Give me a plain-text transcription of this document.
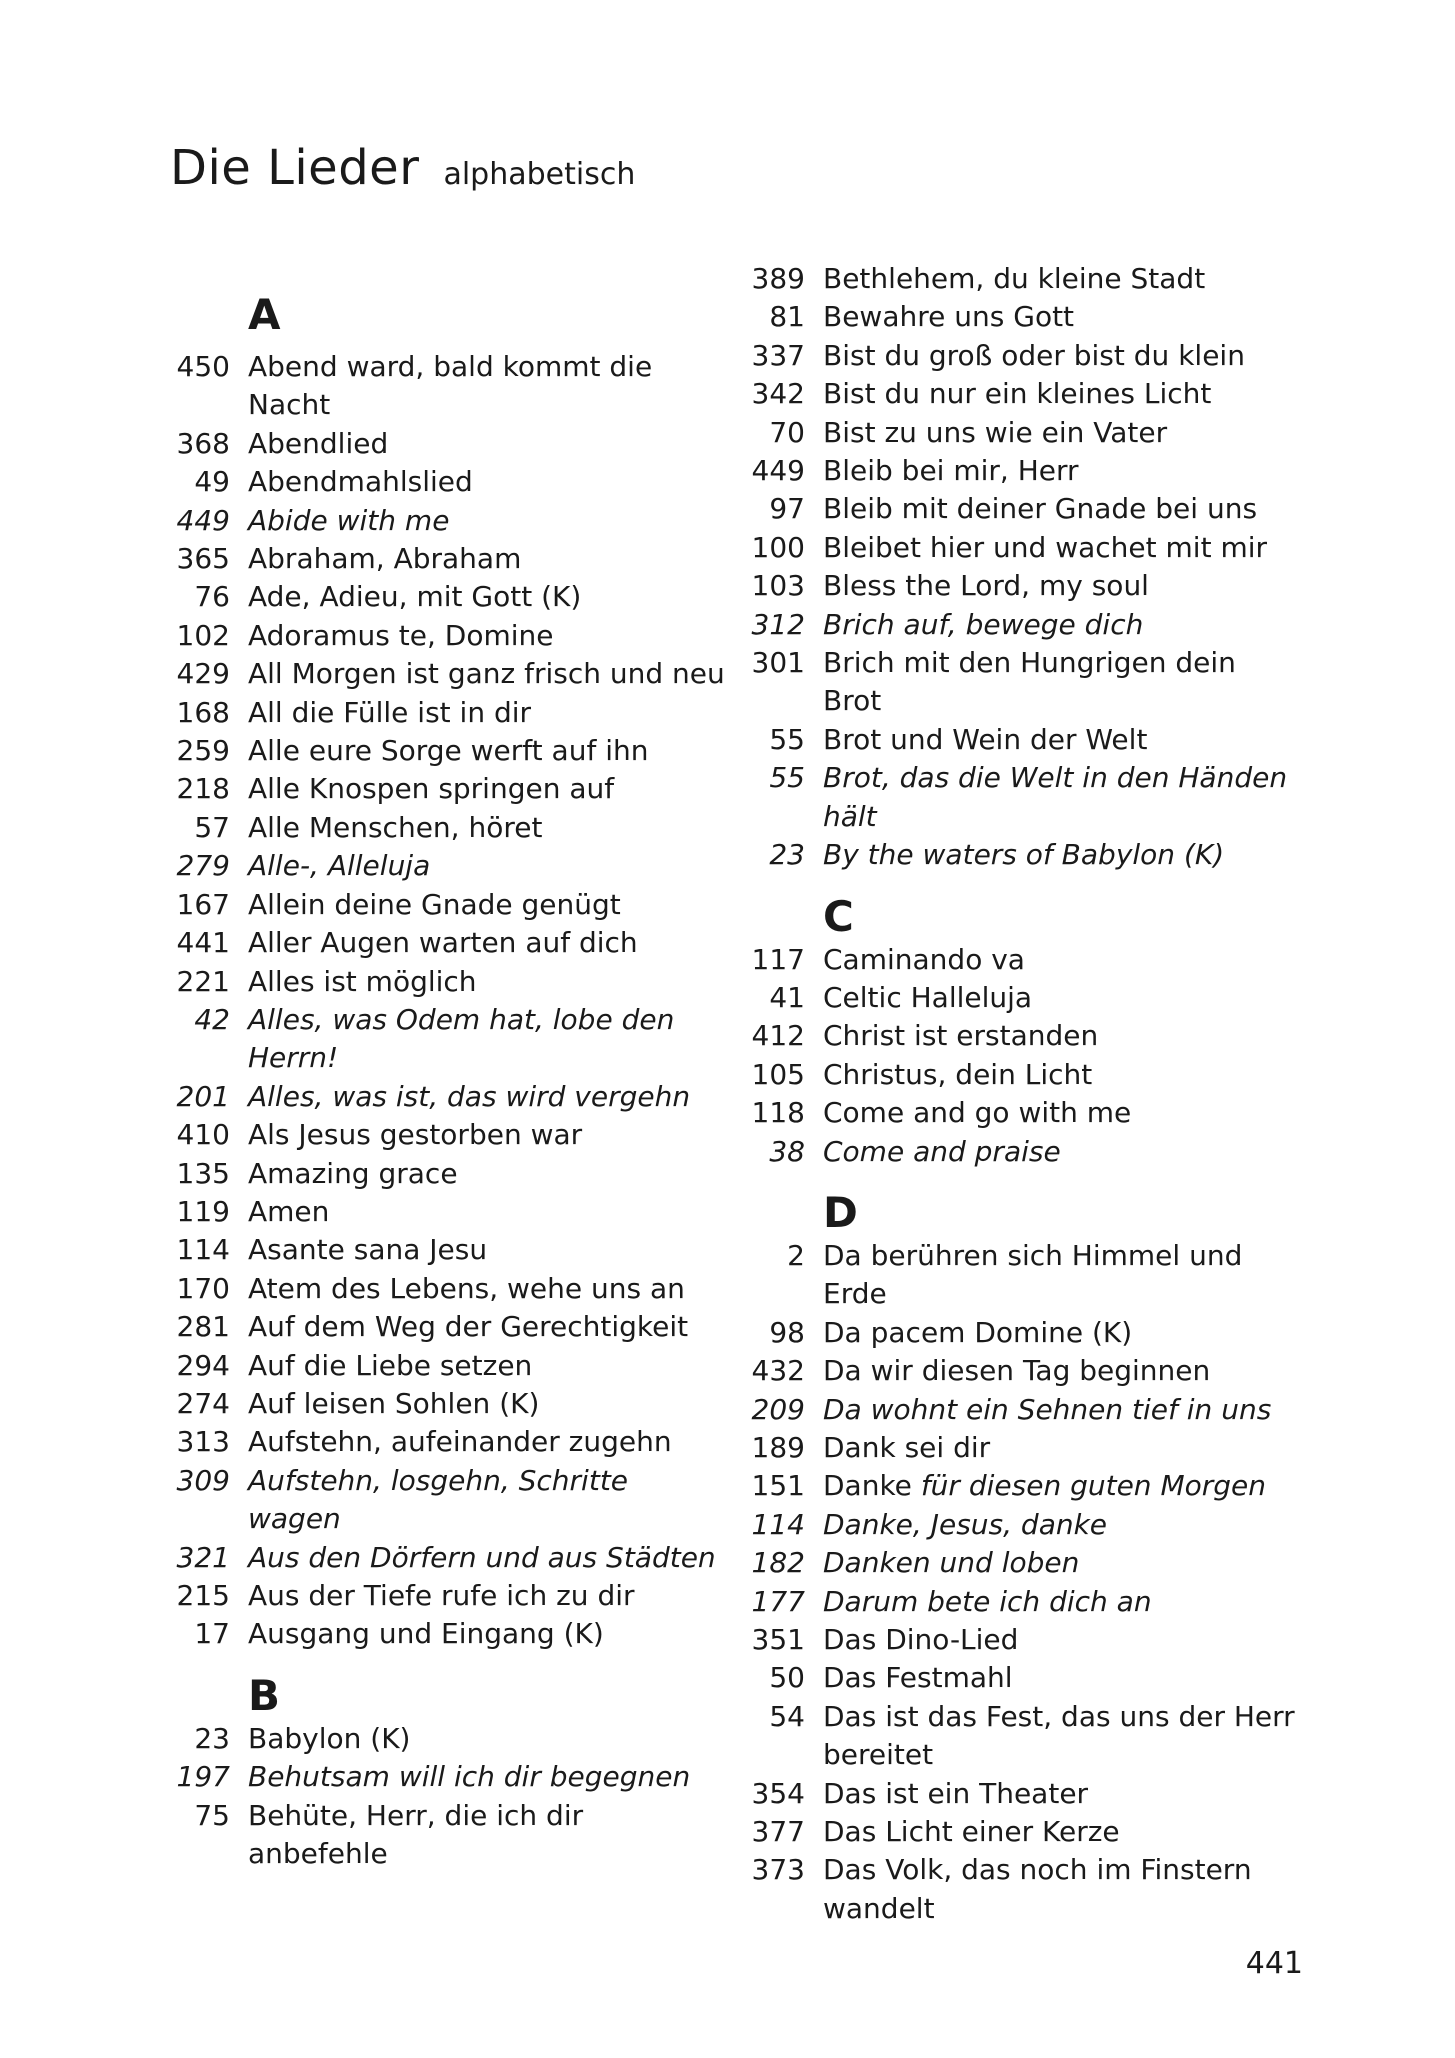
Die Lieder alphabetisch
A
450 Abend ward, bald kommt die Nacht
368 Abendlied
49 Abendmahlslied
449 Abide with me
365 Abraham, Abraham
76 Ade, Adieu, mit Gott (K)
102 Adoramus te, Domine
429 All Morgen ist ganz frisch und neu
168 All die Fülle ist in dir
259 Alle eure Sorge werft auf ihn
218 Alle Knospen springen auf
57 Alle Menschen, höret
279 Alle-, Alleluja
167 Allein deine Gnade genügt
441 Aller Augen warten auf dich
221 Alles ist möglich
42 Alles, was Odem hat, lobe den Herrn!
201 Alles, was ist, das wird vergehn
410 Als Jesus gestorben war
135 Amazing grace
119 Amen
114 Asante sana Jesu
170 Atem des Lebens, wehe uns an
281 Auf dem Weg der Gerechtigkeit
294 Auf die Liebe setzen
274 Auf leisen Sohlen (K)
313 Aufstehn, aufeinander zugehn
309 Aufstehn, losgehn, Schritte wagen
321 Aus den Dörfern und aus Städten
215 Aus der Tiefe rufe ich zu dir
17 Ausgang und Eingang (K)
B
23 Babylon (K)
197 Behutsam will ich dir begegnen
75 Behüte, Herr, die ich dir anbefehle
389 Bethlehem, du kleine Stadt
81 Bewahre uns Gott
337 Bist du groß oder bist du klein
342 Bist du nur ein kleines Licht
70 Bist zu uns wie ein Vater
449 Bleib bei mir, Herr
97 Bleib mit deiner Gnade bei uns
100 Bleibet hier und wachet mit mir
103 Bless the Lord, my soul
312 Brich auf, bewege dich
301 Brich mit den Hungrigen dein Brot
55 Brot und Wein der Welt
55 Brot, das die Welt in den Händen hält
23 By the waters of Babylon (K)
C
117 Caminando va
41 Celtic Halleluja
412 Christ ist erstanden
105 Christus, dein Licht
118 Come and go with me
38 Come and praise
D
2 Da berühren sich Himmel und Erde
98 Da pacem Domine (K)
432 Da wir diesen Tag beginnen
209 Da wohnt ein Sehnen tief in uns
189 Dank sei dir
151 Danke für diesen guten Morgen
114 Danke, Jesus, danke
182 Danken und loben
177 Darum bete ich dich an
351 Das Dino-Lied
50 Das Festmahl
54 Das ist das Fest, das uns der Herr bereitet
354 Das ist ein Theater
377 Das Licht einer Kerze
373 Das Volk, das noch im Finstern wandelt
441
